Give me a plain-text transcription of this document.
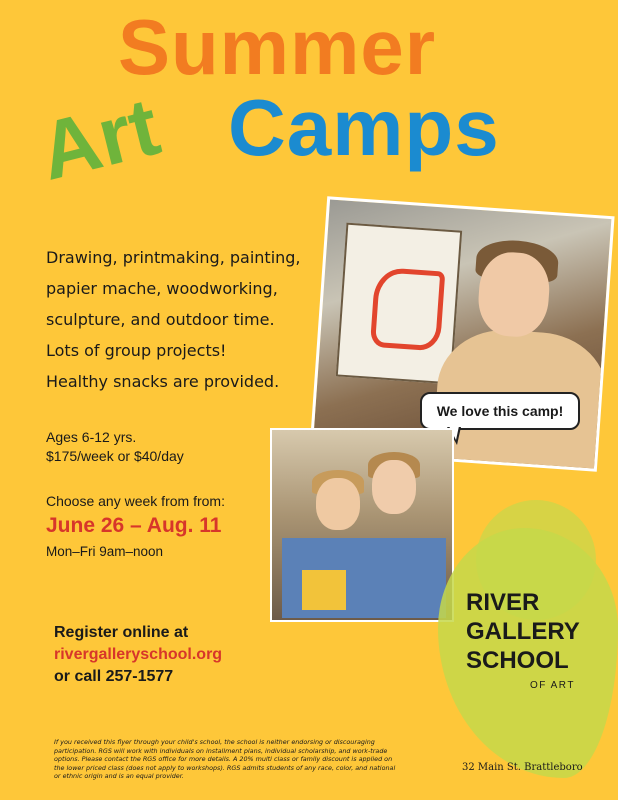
Summer
Art Camps
Drawing, printmaking, painting,
papier mache, woodworking,
sculpture, and outdoor time.
Lots of group projects!
Healthy snacks are provided.
We love this camp!
Ages 6-12 yrs.
$175/week or $40/day
Choose any week from from:
June 26 – Aug. 11
Mon–Fri 9am–noon
Register online at
rivergalleryschool.org
or call 257-1577
RIVER
GALLERY
SCHOOL
OF ART
If you received this flyer through your child's school, the school is neither endorsing or discouraging participation. RGS will work with individuals on installment plans, individual scholarship, and work-trade options. Please contact the RGS office for more details. A 20% multi class or family discount is applied on the lower priced class (does not apply to workshops). RGS admits students of any race, color, and national or ethnic origin and is an equal provider.
32 Main St. Brattleboro
